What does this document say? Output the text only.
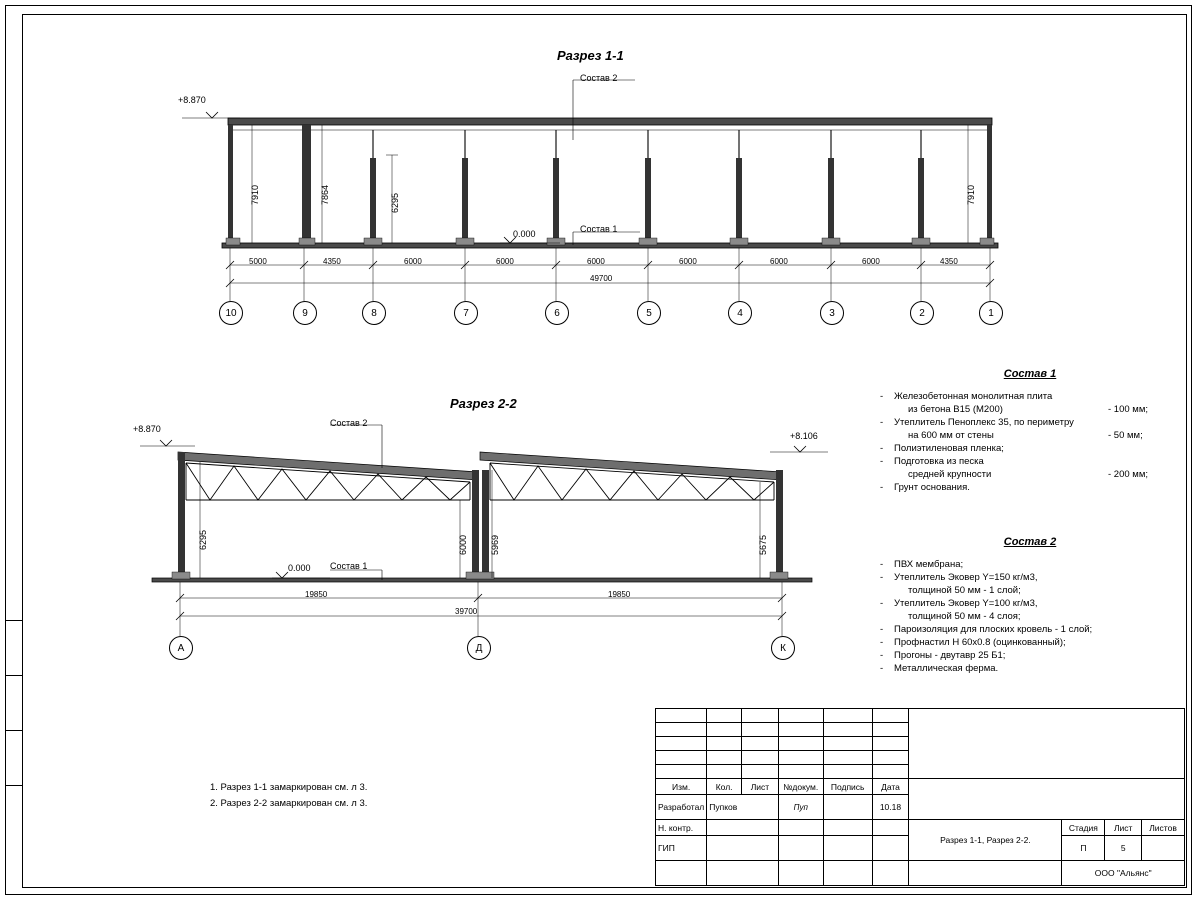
Разрез 1-1
+8.870
0.000
Состав 2
Состав 1
7910	7864	6295	7910
5000	4350	6000	6000	6000	6000	6000	6000	4350
49700
10	9	8	7	6	5	4	3	2	1
Разрез 2-2
+8.870
+8.106
0.000
Состав 2
Состав 1
6295	6000 5969	5675
19850	19850
39700
А	Д	К
Состав 1
-	Железобетонная монолитная плита
из бетона В15 (М200)	- 100 мм;
-	Утеплитель Пеноплекс 35, по периметру
на 600 мм от стены	- 50 мм;
-	Полиэтиленовая пленка;
-	Подготовка из песка
средней крупности	- 200 мм;
-	Грунт основания.
Состав 2
-	ПВХ мембрана;
-	Утеплитель Эковер Y=150 кг/м3,
толщиной 50 мм - 1 слой;
-	Утеплитель Эковер Y=100 кг/м3,
толщиной 50 мм - 4 слоя;
-	Пароизоляция для плоских кровель - 1 слой;
-	Профнастил Н 60х0.8 (оцинкованный);
-	Прогоны - двутавр 25 Б1;
-	Металлическая ферма.
1. Разрез 1-1 замаркирован см. л 3.
2. Разрез 2-2 замаркирован см. л 3.

Изм.	Кол.	Лист	№докум.	Подпись	Дата				
Разработал	Пупков		Пуп		10.18				
Н. контр.						Разрез 1-1, Разрез 2-2.	Стадия	Лист	Листов
ГИП							П	5	
							ООО "Альянс"		
